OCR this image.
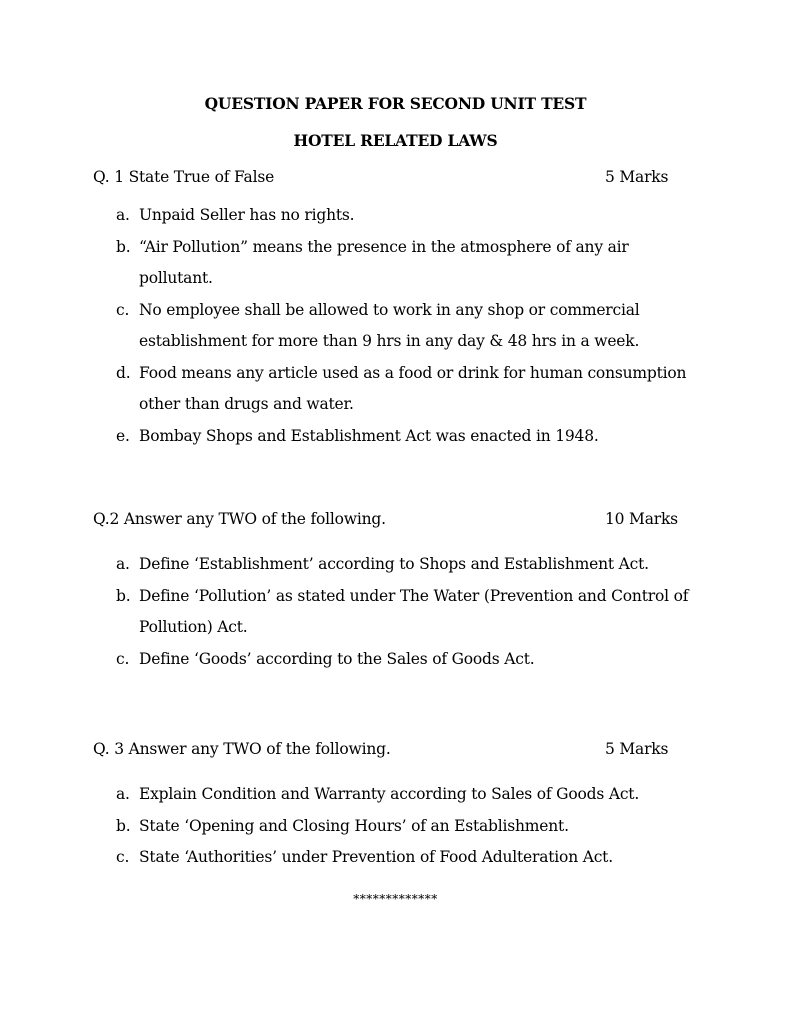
QUESTION PAPER FOR SECOND UNIT TEST
HOTEL RELATED LAWS
Q. 1 State True of False	5 Marks
a. Unpaid Seller has no rights.
b. “Air Pollution” means the presence in the atmosphere of any air pollutant.
c. No employee shall be allowed to work in any shop or commercial establishment for more than 9 hrs in any day & 48 hrs in a week.
d. Food means any article used as a food or drink for human consumption other than drugs and water.
e. Bombay Shops and Establishment Act was enacted in 1948.
Q.2 Answer any TWO of the following.	10 Marks
a. Define ‘Establishment’ according to Shops and Establishment Act.
b. Define ‘Pollution’ as stated under The Water (Prevention and Control of Pollution) Act.
c. Define ‘Goods’ according to the Sales of Goods Act.
Q. 3 Answer any TWO of the following.	5 Marks
a. Explain Condition and Warranty according to Sales of Goods Act.
b. State ‘Opening and Closing Hours’ of an Establishment.
c. State ‘Authorities’ under Prevention of Food Adulteration Act.
*************
